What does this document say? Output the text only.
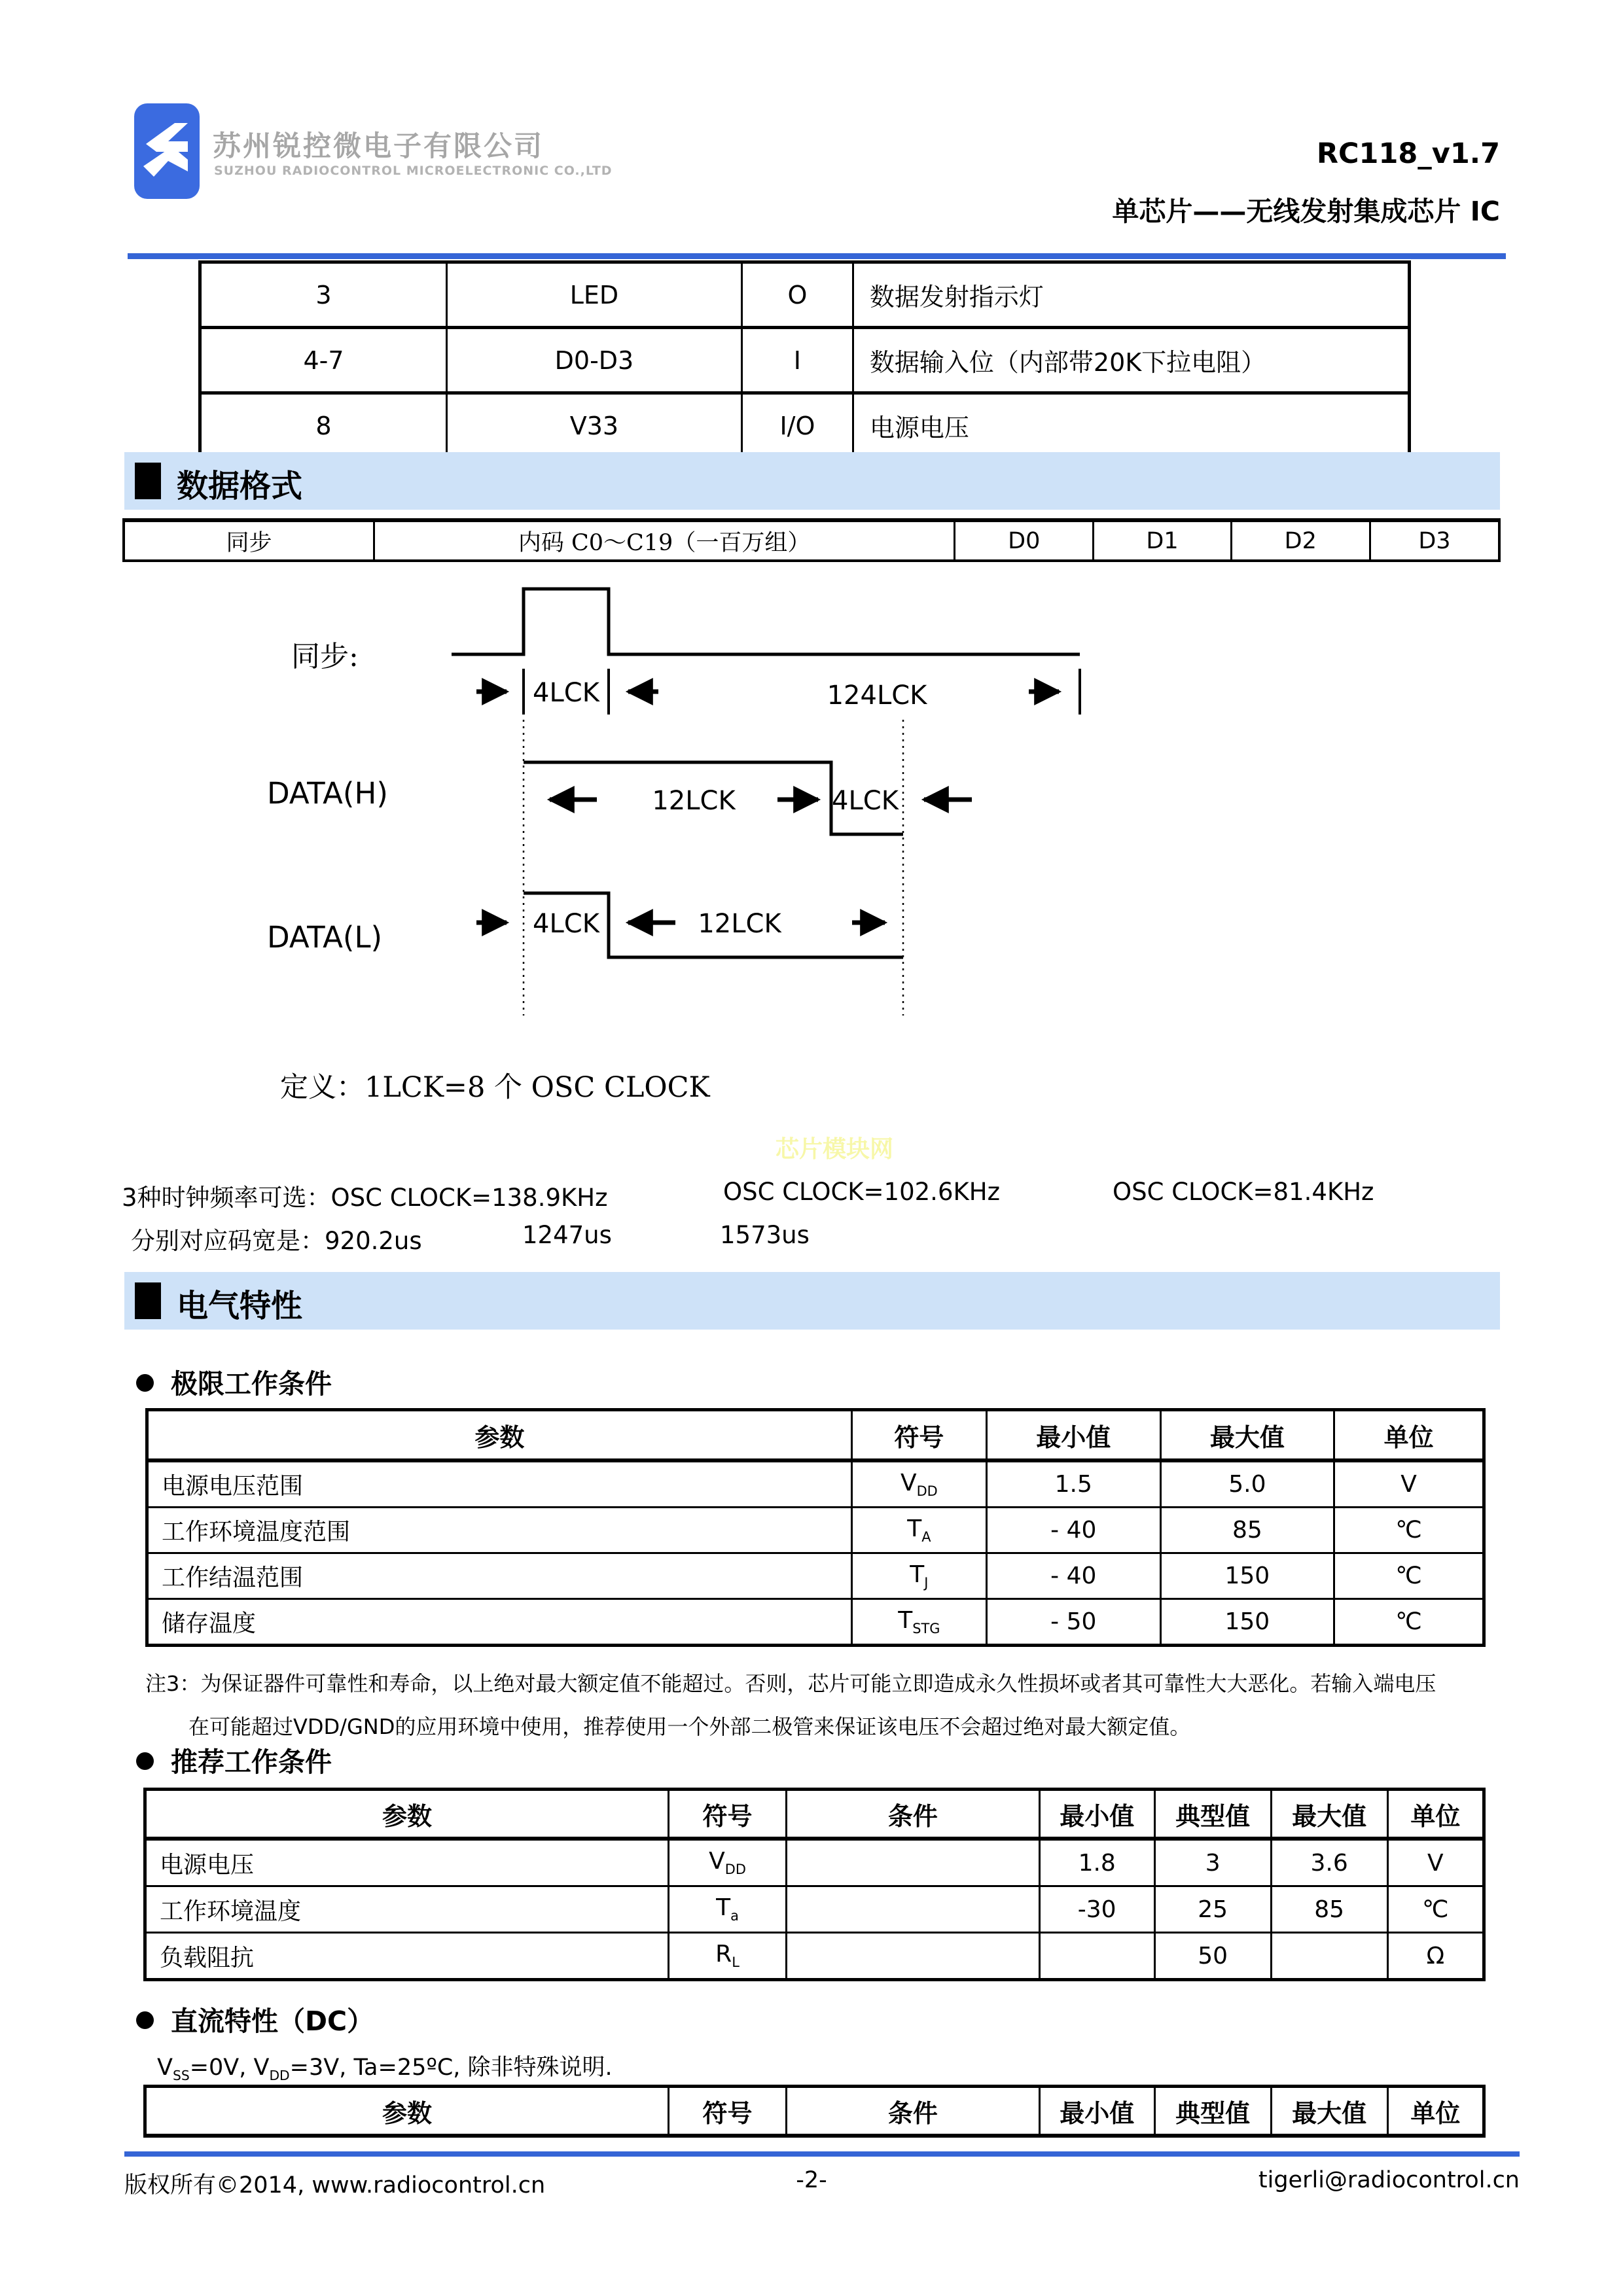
苏州锐控微电子有限公司
SUZHOU RADIOCONTROL MICROELECTRONIC CO.,LTD
RC118_v1.7
单芯片——无线发射集成芯片 IC
3	LED	O	数据发射指示灯
4-7	D0-D3	I	数据输入位（内部带20K下拉电阻）
8	V33	I/O	电源电压
数据格式
同步	内码 C0～C19（一百万组）	D0	D1	D2	D3
同步:
4LCK	124LCK
DATA(H)	12LCK	4LCK
DATA(L)	4LCK	12LCK
定义：1LCK=8 个 OSC CLOCK
芯片模块网
3种时钟频率可选：OSC CLOCK=138.9KHz	OSC CLOCK=102.6KHz	OSC CLOCK=81.4KHz
分别对应码宽是：920.2us	1247us	1573us
电气特性
极限工作条件
参数	符号	最小值	最大值	单位
电源电压范围	$V_{DD}$	1.5	5.0	V
工作环境温度范围	$T_A$	- 40	85	℃
工作结温范围	$T_J$	- 40	150	℃
储存温度	$T_{STG}$	- 50	150	℃
注3：为保证器件可靠性和寿命，以上绝对最大额定值不能超过。否则，芯片可能立即造成永久性损坏或者其可靠性大大恶化。若输入端电压
在可能超过VDD/GND的应用环境中使用，推荐使用一个外部二极管来保证该电压不会超过绝对最大额定值。
推荐工作条件
参数	符号	条件	最小值	典型值	最大值	单位
电源电压	$V_{DD}$		1.8	3	3.6	V
工作环境温度	$T_a$		-30	25	85	℃
负载阻抗	$R_L$			50		Ω
直流特性（DC）
$V_{SS}=0V$, $V_{DD}=3V$, Ta=25ºC, 除非特殊说明.
参数	符号	条件	最小值	典型值	最大值	单位
版权所有©2014, www.radiocontrol.cn	-2-	tigerli@radiocontrol.cn
